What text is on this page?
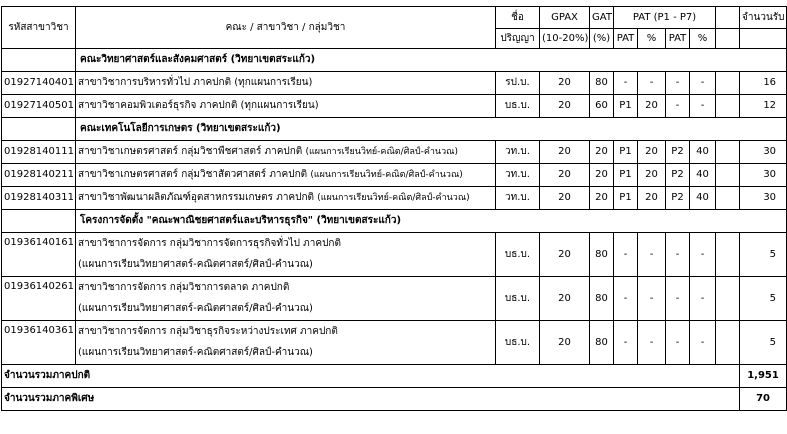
รหัสสาขาวิชา	คณะ / สาขาวิชา / กลุ่มวิชา	ชื่อ	GPAX	GAT	PAT (P1 - P7)					จำนวนรับ
		ปริญญา	(10-20%)	(%)	PAT	%	PAT	%		
	คณะวิทยาศาสตร์และสังคมศาสตร์ (วิทยาเขตสระแก้ว)									
01927140401	สาขาวิชาการบริหารทั่วไป ภาคปกติ (ทุกแผนการเรียน)	รป.บ.	20	80	-	-	-	-		16
01927140501	สาขาวิชาคอมพิวเตอร์ธุรกิจ ภาคปกติ (ทุกแผนการเรียน)	บธ.บ.	20	60	P1	20	-	-		12
	คณะเทคโนโลยีการเกษตร (วิทยาเขตสระแก้ว)									
01928140111	สาขาวิชาเกษตรศาสตร์ กลุ่มวิชาพืชศาสตร์ ภาคปกติ (แผนการเรียนวิทย์-คณิต/ศิลป์-คำนวณ)	วท.บ.	20	20	P1	20	P2	40		30
01928140211	สาขาวิชาเกษตรศาสตร์ กลุ่มวิชาสัตวศาสตร์ ภาคปกติ (แผนการเรียนวิทย์-คณิต/ศิลป์-คำนวณ)	วท.บ.	20	20	P1	20	P2	40		30
01928140311	สาขาวิชาพัฒนาผลิตภัณฑ์อุตสาหกรรมเกษตร ภาคปกติ (แผนการเรียนวิทย์-คณิต/ศิลป์-คำนวณ)	วท.บ.	20	20	P1	20	P2	40		30
	โครงการจัดตั้ง "คณะพาณิชยศาสตร์และบริหารธุรกิจ" (วิทยาเขตสระแก้ว)									
01936140161	สาขาวิชาการจัดการ กลุ่มวิชาการจัดการธุรกิจทั่วไป ภาคปกติ	บธ.บ.	20	80	-	-	-	-		5
	(แผนการเรียนวิทยาศาสตร์-คณิตศาสตร์/ศิลป์-คำนวณ)									
01936140261	สาขาวิชาการจัดการ กลุ่มวิชาการตลาด ภาคปกติ	บธ.บ.	20	80	-	-	-	-		5
	(แผนการเรียนวิทยาศาสตร์-คณิตศาสตร์/ศิลป์-คำนวณ)									
01936140361	สาขาวิชาการจัดการ กลุ่มวิชาธุรกิจระหว่างประเทศ ภาคปกติ	บธ.บ.	20	80	-	-	-	-		5
	(แผนการเรียนวิทยาศาสตร์-คณิตศาสตร์/ศิลป์-คำนวณ)									
จำนวนรวมภาคปกติ										1,951
จำนวนรวมภาคพิเศษ										70
